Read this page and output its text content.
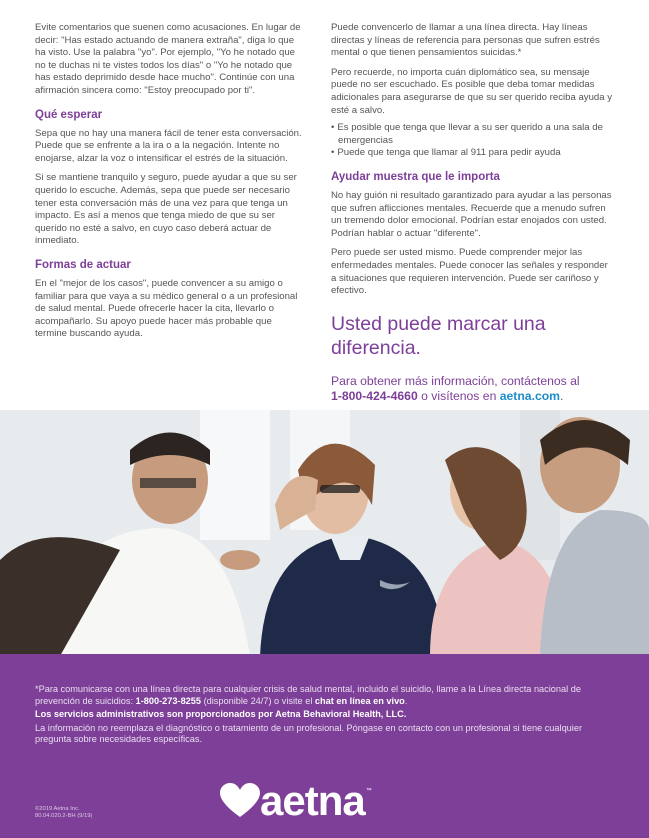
Evite comentarios que suenen como acusaciones. En lugar de decir: "Has estado actuando de manera extraña", diga lo que ha visto. Use la palabra "yo". Por ejemplo, "Yo he notado que no te duchas ni te vistes todos los días" o "Yo he notado que has estado deprimido desde hace mucho". Continúe con una afirmación sincera como: "Estoy preocupado por ti".

Qué esperar

Sepa que no hay una manera fácil de tener esta conversación. Puede que se enfrente a la ira o a la negación. Intente no enojarse, alzar la voz o intensificar el estrés de la situación.

Si se mantiene tranquilo y seguro, puede ayudar a que su ser querido lo escuche. Además, sepa que puede ser necesario tener esta conversación más de una vez para que tenga un impacto. Es así a menos que tenga miedo de que su ser querido no esté a salvo, en cuyo caso deberá actuar de inmediato.

Formas de actuar

En el "mejor de los casos", puede convencer a su amigo o familiar para que vaya a su médico general o a un profesional de salud mental. Puede ofrecerle hacer la cita, llevarlo o acompañarlo. Su apoyo puede hacer más probable que termine buscando ayuda.

Puede convencerlo de llamar a una línea directa. Hay líneas directas y líneas de referencia para personas que sufren estrés mental o que tienen pensamientos suicidas.*

Pero recuerde, no importa cuán diplomático sea, su mensaje puede no ser escuchado. Es posible que deba tomar medidas adicionales para asegurarse de que su ser querido reciba ayuda y esté a salvo.

• Es posible que tenga que llevar a su ser querido a una sala de emergencias
• Puede que tenga que llamar al 911 para pedir ayuda
Ayudar muestra que le importa

No hay guión ni resultado garantizado para ayudar a las personas que sufren aflicciones mentales. Recuerde que a menudo sufren un tremendo dolor emocional. Podrían estar enojados con usted. Podrían hablar o actuar "diferente".

Pero puede ser usted mismo. Puede comprender mejor las enfermedades mentales. Puede conocer las señales y responder a situaciones que requieren intervención. Puede ser cariñoso y efectivo.

Usted puede marcar una diferencia.
Para obtener más información, contáctenos al
1-800-424-4660 o visítenos en aetna.com.

*Para comunicarse con una línea directa para cualquier crisis de salud mental, incluido el suicidio, llame a la Línea directa nacional de prevención de suicidios: 1-800-273-8255 (disponible 24/7) o visite el chat en línea en vivo.

Los servicios administrativos son proporcionados por Aetna Behavioral Health, LLC.

La información no reemplaza el diagnóstico o tratamiento de un profesional. Póngase en contacto con un profesional si tiene cualquier pregunta sobre necesidades específicas.

aetna ™
©2019 Aetna Inc.
80.04.020.2-BH (9/19)
